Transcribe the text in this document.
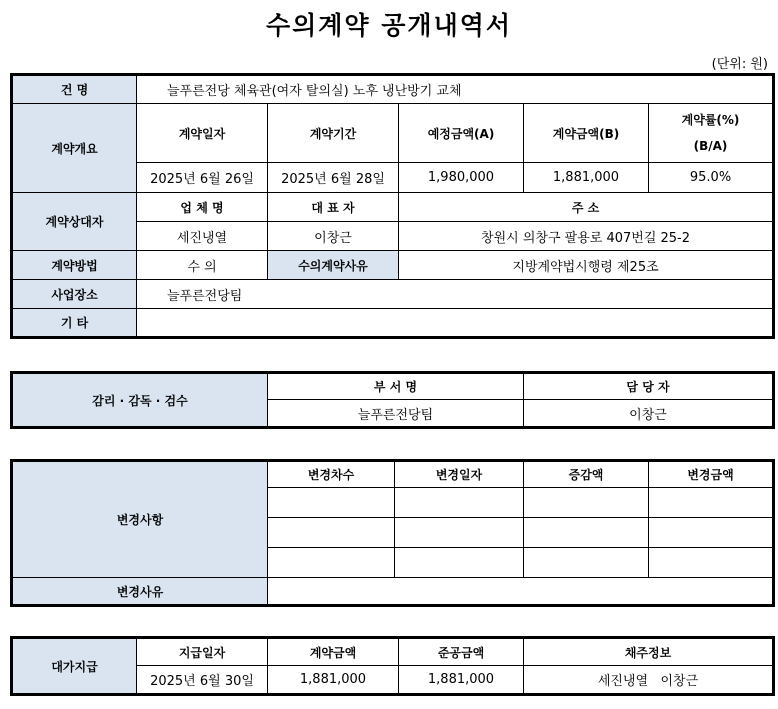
수의계약 공개내역서
(단위: 원)
건 명	늘푸른전당 체육관(여자 탈의실) 노후 냉난방기 교체				
계약개요	계약일자	계약기간	예정금액(A)	계약금액(B)	계약률(%)
(B/A)

	2025년 6월 26일	2025년 6월 28일	1,980,000	1,881,000	95.0%
계약상대자	업 체 명	대 표 자	주 소		
	세진냉열	이창근	창원시 의창구 팔용로 407번길 25-2		
계약방법	수 의	수의계약사유	지방계약법시행령 제25조		
사업장소	늘푸른전당팀				
기 타					
감리 · 감독 · 검수	부 서 명	담 당 자
	늘푸른전당팀	이창근
변경사항	변경차수	변경일자	증감액	변경금액

변경사유				
대가지급	지급일자	계약금액	준공금액	채주정보
	2025년 6월 30일	1,881,000	1,881,000	세진냉열   이창근
